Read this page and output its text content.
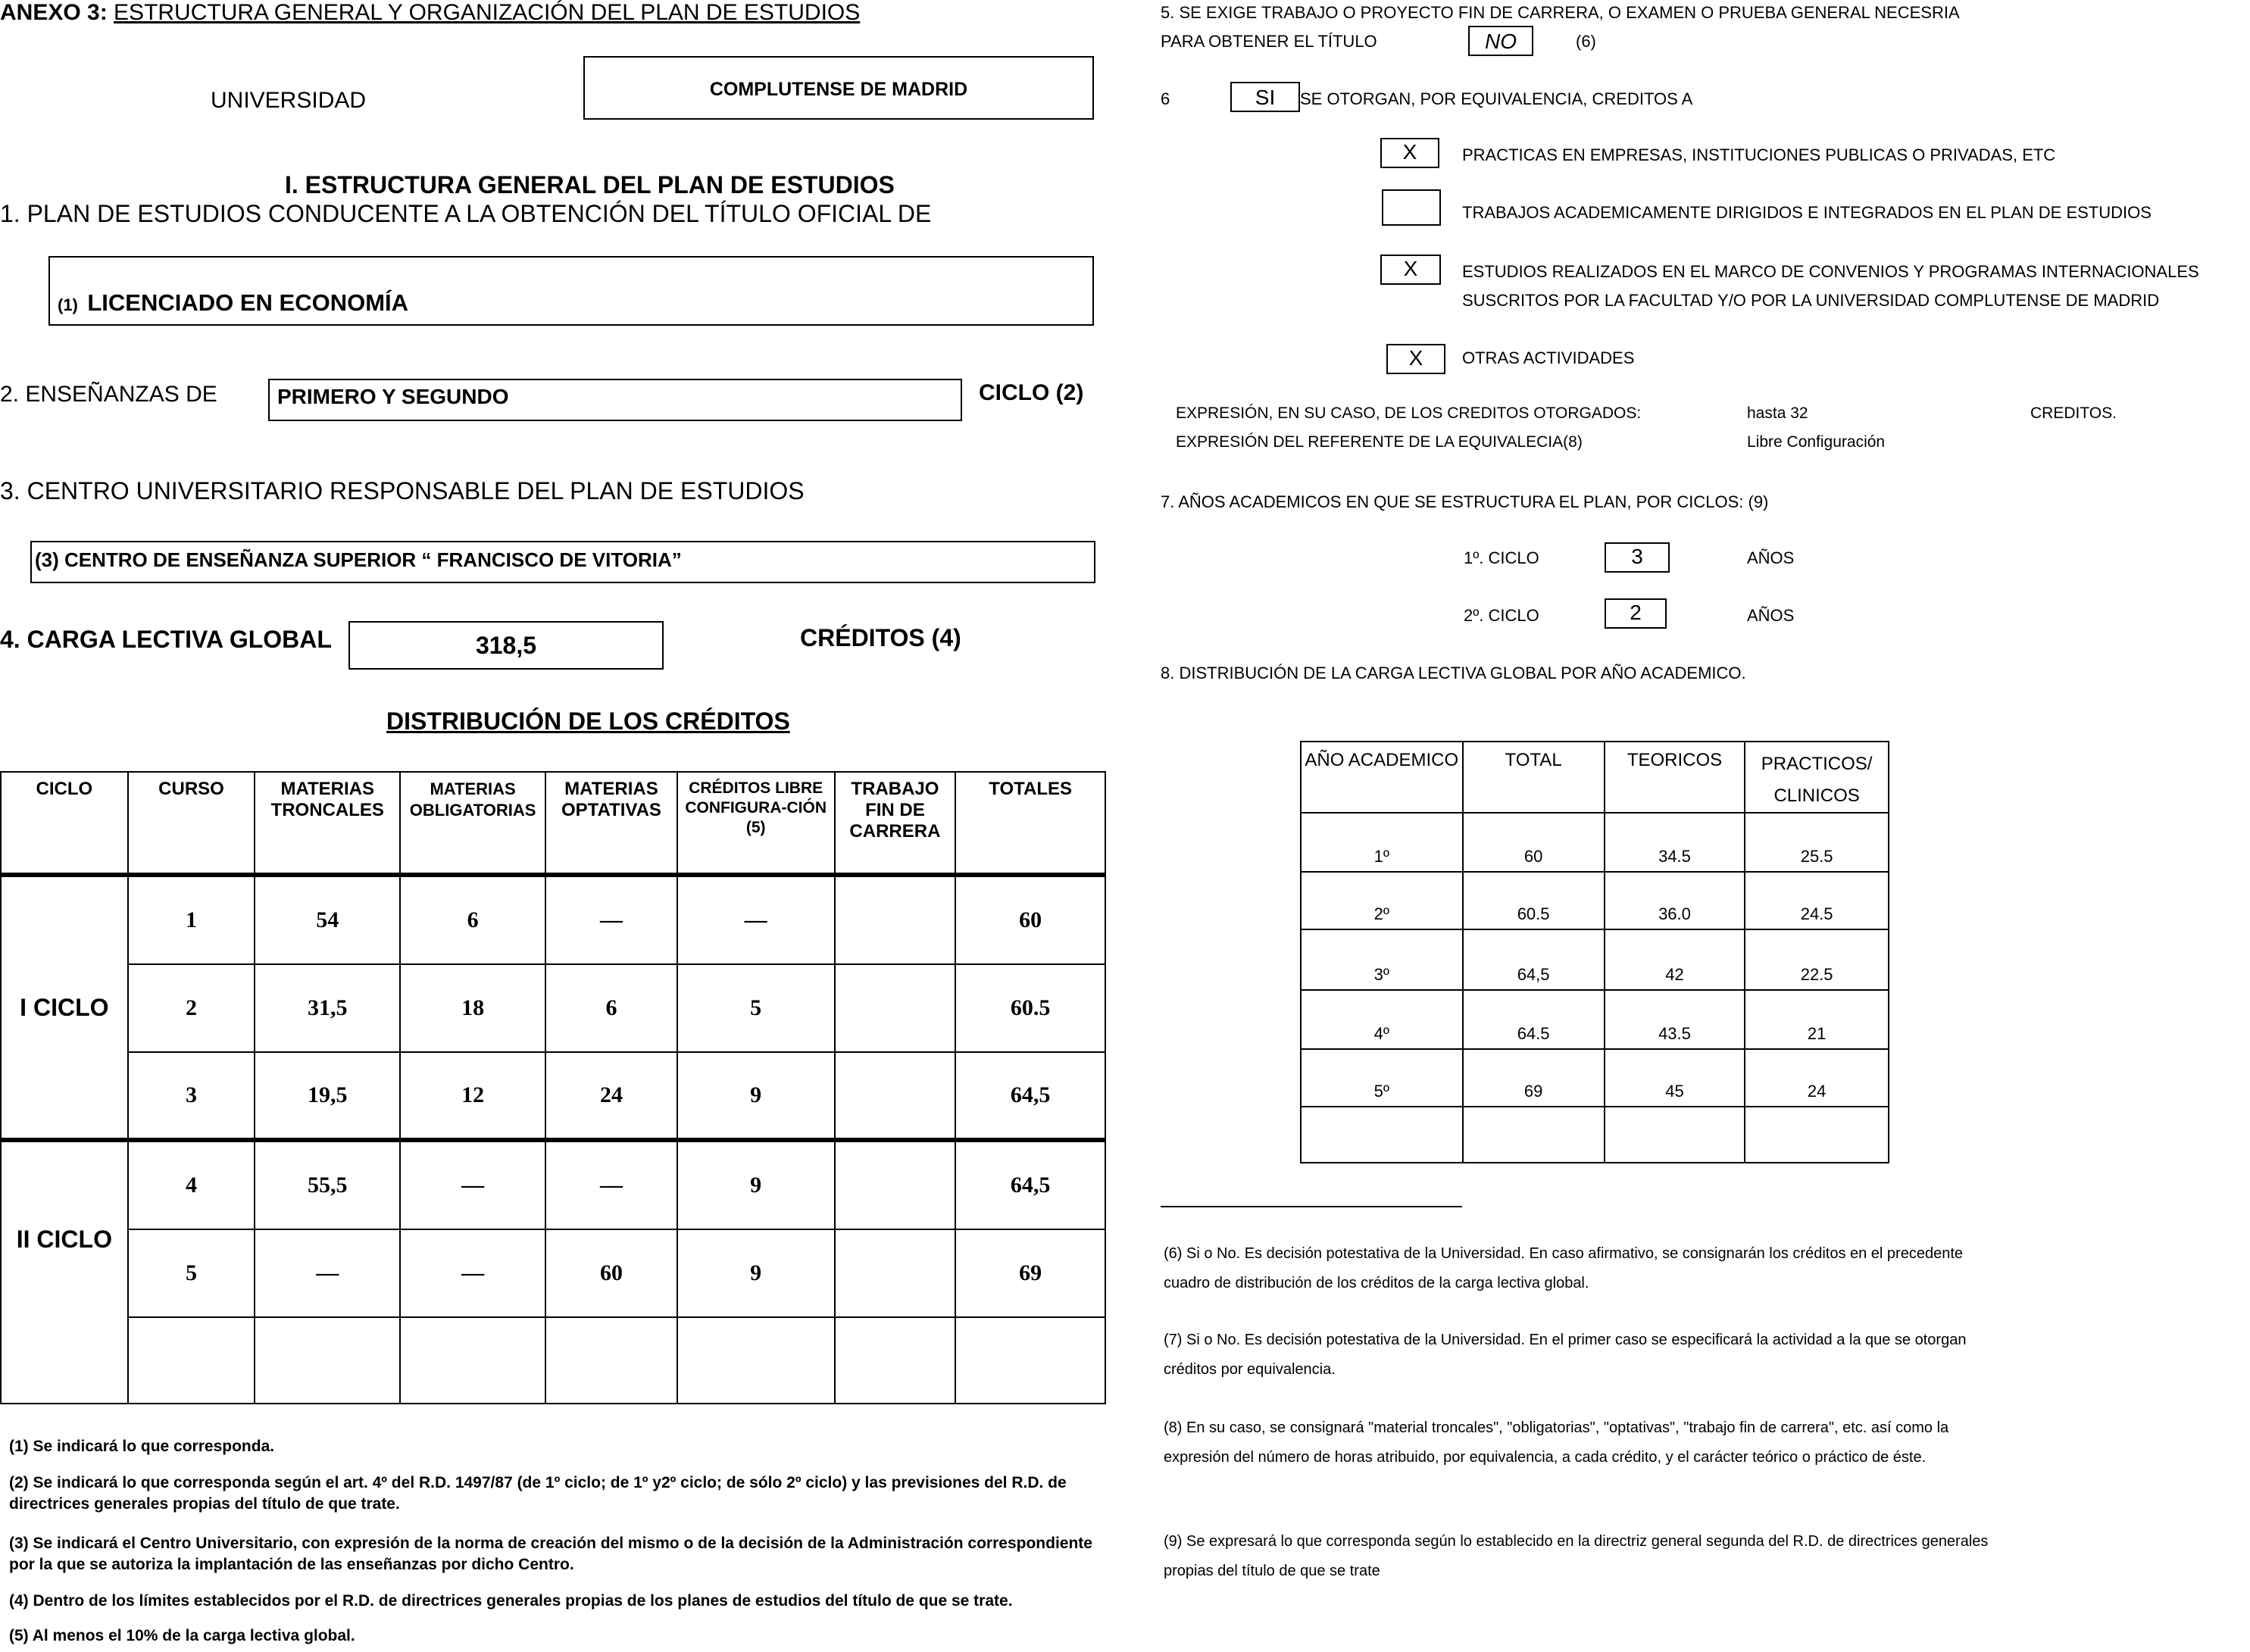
ANEXO 3: ESTRUCTURA GENERAL Y ORGANIZACIÓN DEL PLAN DE ESTUDIOS
UNIVERSIDAD	COMPLUTENSE DE MADRID
I. ESTRUCTURA GENERAL DEL PLAN DE ESTUDIOS
1. PLAN DE ESTUDIOS CONDUCENTE A LA OBTENCIÓN DEL TÍTULO OFICIAL DE
(1) LICENCIADO EN ECONOMÍA
2. ENSEÑANZAS DE	PRIMERO Y SEGUNDO	CICLO (2)
3. CENTRO UNIVERSITARIO RESPONSABLE DEL PLAN DE ESTUDIOS
(3) CENTRO DE ENSEÑANZA SUPERIOR “ FRANCISCO DE VITORIA”
4. CARGA LECTIVA GLOBAL	318,5	CRÉDITOS (4)
DISTRIBUCIÓN DE LOS CRÉDITOS
CICLO	CURSO	MATERIAS TRONCALES	MATERIAS OBLIGATORIAS	MATERIAS OPTATIVAS	CRÉDITOS LIBRE CONFIGURA-CIÓN (5)	TRABAJO FIN DE CARRERA	TOTALES
I CICLO	1	54	6	—	—		60
	2	31,5	18	6	5		60.5
	3	19,5	12	24	9		64,5
II CICLO	4	55,5	—	—	9		64,5
	5	—	—	60	9		69

(1) Se indicará lo que corresponda.
(2) Se indicará lo que corresponda según el art. 4º del R.D. 1497/87 (de 1º ciclo; de 1º y2º ciclo; de sólo 2º ciclo) y las previsiones del R.D. de directrices generales propias del título de que trate.
(3) Se indicará el Centro Universitario, con expresión de la norma de creación del mismo o de la decisión de la Administración correspondiente por la que se autoriza la implantación de las enseñanzas por dicho Centro.
(4) Dentro de los límites establecidos por el R.D. de directrices generales propias de los planes de estudios del título de que se trate.
(5) Al menos el 10% de la carga lectiva global.
5. SE EXIGE TRABAJO O PROYECTO FIN DE CARRERA, O EXAMEN O PRUEBA GENERAL NECESRIA
PARA OBTENER EL TÍTULO	NO	(6)
6	SI	SE OTORGAN, POR EQUIVALENCIA, CREDITOS A
X	PRACTICAS EN EMPRESAS, INSTITUCIONES PUBLICAS O PRIVADAS, ETC
TRABAJOS ACADEMICAMENTE DIRIGIDOS E INTEGRADOS EN EL PLAN DE ESTUDIOS
X	ESTUDIOS REALIZADOS EN EL MARCO DE CONVENIOS Y PROGRAMAS INTERNACIONALES
SUSCRITOS POR LA FACULTAD Y/O POR LA UNIVERSIDAD COMPLUTENSE DE MADRID
X	OTRAS ACTIVIDADES
EXPRESIÓN, EN SU CASO, DE LOS CREDITOS OTORGADOS:	hasta 32	CREDITOS.
EXPRESIÓN DEL REFERENTE DE LA EQUIVALECIA(8)	Libre Configuración
7. AÑOS ACADEMICOS EN QUE SE ESTRUCTURA EL PLAN, POR CICLOS: (9)
1º. CICLO	3	AÑOS
2º. CICLO	2	AÑOS
8. DISTRIBUCIÓN DE LA CARGA LECTIVA GLOBAL POR AÑO ACADEMICO.
AÑO ACADEMICO	TOTAL	TEORICOS	PRACTICOS/
CLINICOS
1º	60	34.5	25.5
2º	60.5	36.0	24.5
3º	64,5	42	22.5
4º	64.5	43.5	21
5º	69	45	24

(6) Si o No. Es decisión potestativa de la Universidad. En caso afirmativo, se consignarán los créditos en el precedente cuadro de distribución de los créditos de la carga lectiva global.
(7) Si o No. Es decisión potestativa de la Universidad. En el primer caso se especificará la actividad a la que se otorgan créditos por equivalencia.
(8) En su caso, se consignará "material troncales", "obligatorias", "optativas", "trabajo fin de carrera", etc. así como la expresión del número de horas atribuido, por equivalencia, a cada crédito, y el carácter teórico o práctico de éste.
(9) Se expresará lo que corresponda según lo establecido en la directriz general segunda del R.D. de directrices generales propias del título de que se trate
